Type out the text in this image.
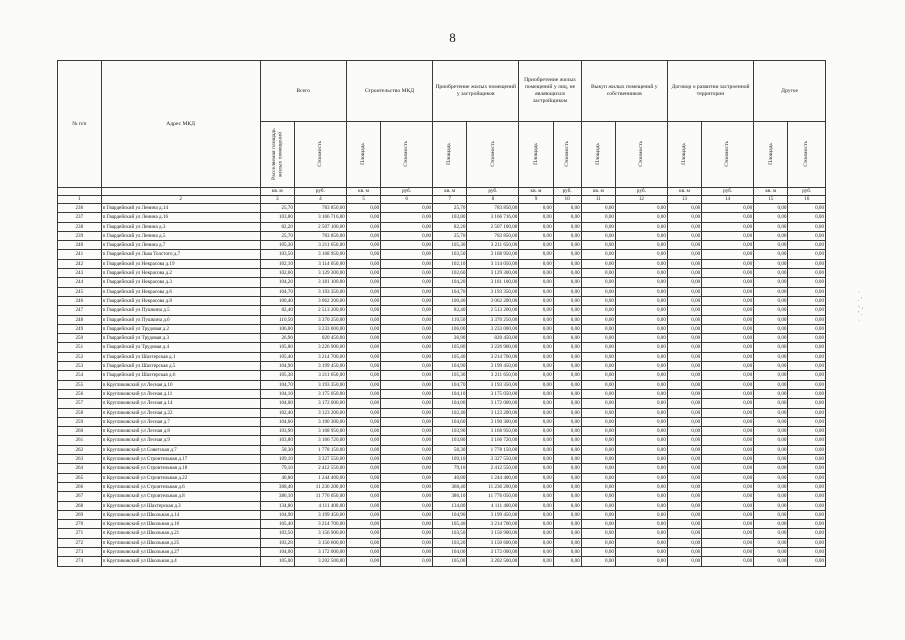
8
№ п/п	Адрес МКД	Всего		Строительство МКД		Приобретение жилых помещений у застройщиков		Приобретение жилых помещений у лиц, не являющихся застройщиком		Выкуп жилых помещений у собственников		Договор о развитии застроенной территории		Другое	
		Расселяемая площадь жилых помещений	Стоимость	Площадь	Стоимость	Площадь	Стоимость	Площадь	Стоимость	Площадь	Стоимость	Площадь	Стоимость	Площадь	Стоимость
		кв. м	руб.	кв. м	руб.	кв. м	руб.	кв. м	руб.	кв. м	руб.	кв. м	руб.	кв. м	руб.
1	2	3	4	5	6	7	8	9	10	11	12	13	14	15	16
236	п Гвардейский ул Ленина д.14	25,70	783 850,00	0,00	0,00	25,70	783 850,00	0,00	0,00	0,00	0,00	0,00	0,00	0,00	0,00
237	п Гвардейский ул Ленина д.16	103,80	3 166 716,00	0,00	0,00	103,80	3 166 716,00	0,00	0,00	0,00	0,00	0,00	0,00	0,00	0,00
238	п Гвардейский ул Ленина д.3	82,20	2 507 100,00	0,00	0,00	82,20	2 507 100,00	0,00	0,00	0,00	0,00	0,00	0,00	0,00	0,00
239	п Гвардейский ул Ленина д.5	25,70	783 850,00	0,00	0,00	25,70	783 850,00	0,00	0,00	0,00	0,00	0,00	0,00	0,00	0,00
240	п Гвардейский ул Ленина д.7	105,30	3 211 650,00	0,00	0,00	105,30	3 211 650,00	0,00	0,00	0,00	0,00	0,00	0,00	0,00	0,00
241	п Гвардейский ул Льва Толстого д.7	103,50	3 168 950,00	0,00	0,00	103,50	3 168 950,00	0,00	0,00	0,00	0,00	0,00	0,00	0,00	0,00
242	п Гвардейский ул Некрасова д.19	102,10	3 114 050,00	0,00	0,00	102,10	3 114 050,00	0,00	0,00	0,00	0,00	0,00	0,00	0,00	0,00
243	п Гвардейский ул Некрасова д.2	102,60	3 129 300,00	0,00	0,00	102,60	3 129 300,00	0,00	0,00	0,00	0,00	0,00	0,00	0,00	0,00
244	п Гвардейский ул Некрасова д.3	104,20	3 181 100,00	0,00	0,00	104,20	3 181 100,00	0,00	0,00	0,00	0,00	0,00	0,00	0,00	0,00
245	п Гвардейский ул Некрасова д.6	104,70	3 193 350,00	0,00	0,00	104,70	3 193 350,00	0,00	0,00	0,00	0,00	0,00	0,00	0,00	0,00
246	п Гвардейский ул Некрасова д.8	100,40	3 062 200,00	0,00	0,00	100,40	3 062 200,00	0,00	0,00	0,00	0,00	0,00	0,00	0,00	0,00
247	п Гвардейский ул Пушкина д.5	82,40	2 513 200,00	0,00	0,00	82,40	2 513 200,00	0,00	0,00	0,00	0,00	0,00	0,00	0,00	0,00
248	п Гвардейский ул Пушкина д.6	110,50	3 370 250,00	0,00	0,00	110,50	3 370 250,00	0,00	0,00	0,00	0,00	0,00	0,00	0,00	0,00
249	п Гвардейский ул Трудовая д.2	106,00	3 233 000,00	0,00	0,00	106,00	3 233 000,00	0,00	0,00	0,00	0,00	0,00	0,00	0,00	0,00
250	п Гвардейский ул Трудовая д.3	26,90	820 450,00	0,00	0,00	26,90	820 450,00	0,00	0,00	0,00	0,00	0,00	0,00	0,00	0,00
251	п Гвардейский ул Трудовая д.4	105,80	3 226 900,00	0,00	0,00	105,80	3 226 900,00	0,00	0,00	0,00	0,00	0,00	0,00	0,00	0,00
252	п Гвардейский ул Шахтерская д.1	105,40	3 214 700,00	0,00	0,00	105,40	3 214 700,00	0,00	0,00	0,00	0,00	0,00	0,00	0,00	0,00
253	п Гвардейский ул Шахтерская д.5	104,90	3 199 450,00	0,00	0,00	104,90	3 199 450,00	0,00	0,00	0,00	0,00	0,00	0,00	0,00	0,00
254	п Гвардейский ул Шахтерская д.6	105,30	3 211 650,00	0,00	0,00	105,30	3 211 650,00	0,00	0,00	0,00	0,00	0,00	0,00	0,00	0,00
255	п Кругликовский ул Лесная д.10	104,70	3 193 350,00	0,00	0,00	104,70	3 193 350,00	0,00	0,00	0,00	0,00	0,00	0,00	0,00	0,00
256	п Кругликовский ул Лесная д.11	104,10	3 175 050,00	0,00	0,00	104,10	3 175 050,00	0,00	0,00	0,00	0,00	0,00	0,00	0,00	0,00
257	п Кругликовский ул Лесная д.14	104,00	3 172 000,00	0,00	0,00	104,00	3 172 000,00	0,00	0,00	0,00	0,00	0,00	0,00	0,00	0,00
258	п Кругликовский ул Лесная д.22	102,40	3 123 200,00	0,00	0,00	102,40	3 123 200,00	0,00	0,00	0,00	0,00	0,00	0,00	0,00	0,00
259	п Кругликовский ул Лесная д.7	104,60	3 190 300,00	0,00	0,00	104,60	3 190 300,00	0,00	0,00	0,00	0,00	0,00	0,00	0,00	0,00
260	п Кругликовский ул Лесная д.8	103,90	3 168 950,00	0,00	0,00	103,90	3 168 950,00	0,00	0,00	0,00	0,00	0,00	0,00	0,00	0,00
261	п Кругликовский ул Лесная д.9	103,80	3 166 720,00	0,00	0,00	103,80	3 166 720,00	0,00	0,00	0,00	0,00	0,00	0,00	0,00	0,00
262	п Кругликовский ул Советская д.7	58,30	1 778 150,00	0,00	0,00	58,30	1 778 150,00	0,00	0,00	0,00	0,00	0,00	0,00	0,00	0,00
263	п Кругликовский ул Строительная д.17	109,10	3 327 550,00	0,00	0,00	109,10	3 327 550,00	0,00	0,00	0,00	0,00	0,00	0,00	0,00	0,00
264	п Кругликовский ул Строительная д.18	79,10	2 412 550,00	0,00	0,00	79,10	2 412 550,00	0,00	0,00	0,00	0,00	0,00	0,00	0,00	0,00
265	п Кругликовский ул Строительная д.22	40,80	1 244 400,00	0,00	0,00	40,80	1 244 400,00	0,00	0,00	0,00	0,00	0,00	0,00	0,00	0,00
266	п Кругликовский ул Строительная д.6	368,40	11 236 200,00	0,00	0,00	368,40	11 236 200,00	0,00	0,00	0,00	0,00	0,00	0,00	0,00	0,00
267	п Кругликовский ул Строительная д.8	386,10	11 776 050,00	0,00	0,00	386,10	11 776 050,00	0,00	0,00	0,00	0,00	0,00	0,00	0,00	0,00
268	п Кругликовский ул Шахтерская д.3	134,80	4 111 400,00	0,00	0,00	134,80	4 111 400,00	0,00	0,00	0,00	0,00	0,00	0,00	0,00	0,00
269	п Кругликовский ул Школьная д.14	104,90	3 199 450,00	0,00	0,00	104,90	3 199 450,00	0,00	0,00	0,00	0,00	0,00	0,00	0,00	0,00
270	п Кругликовский ул Школьная д.16	105,40	3 214 700,00	0,00	0,00	105,40	3 214 700,00	0,00	0,00	0,00	0,00	0,00	0,00	0,00	0,00
271	п Кругликовский ул Школьная д.21	103,50	3 156 900,00	0,00	0,00	103,50	3 156 900,00	0,00	0,00	0,00	0,00	0,00	0,00	0,00	0,00
272	п Кругликовский ул Школьная д.25	103,20	3 150 600,00	0,00	0,00	103,20	3 150 600,00	0,00	0,00	0,00	0,00	0,00	0,00	0,00	0,00
273	п Кругликовский ул Школьная д.27	104,00	3 172 000,00	0,00	0,00	104,00	3 172 000,00	0,00	0,00	0,00	0,00	0,00	0,00	0,00	0,00
274	п Кругликовский ул Школьная д.4	105,00	3 202 500,00	0,00	0,00	105,00	3 202 500,00	0,00	0,00	0,00	0,00	0,00	0,00	0,00	0,00
·
. '
- ,
' .
·
